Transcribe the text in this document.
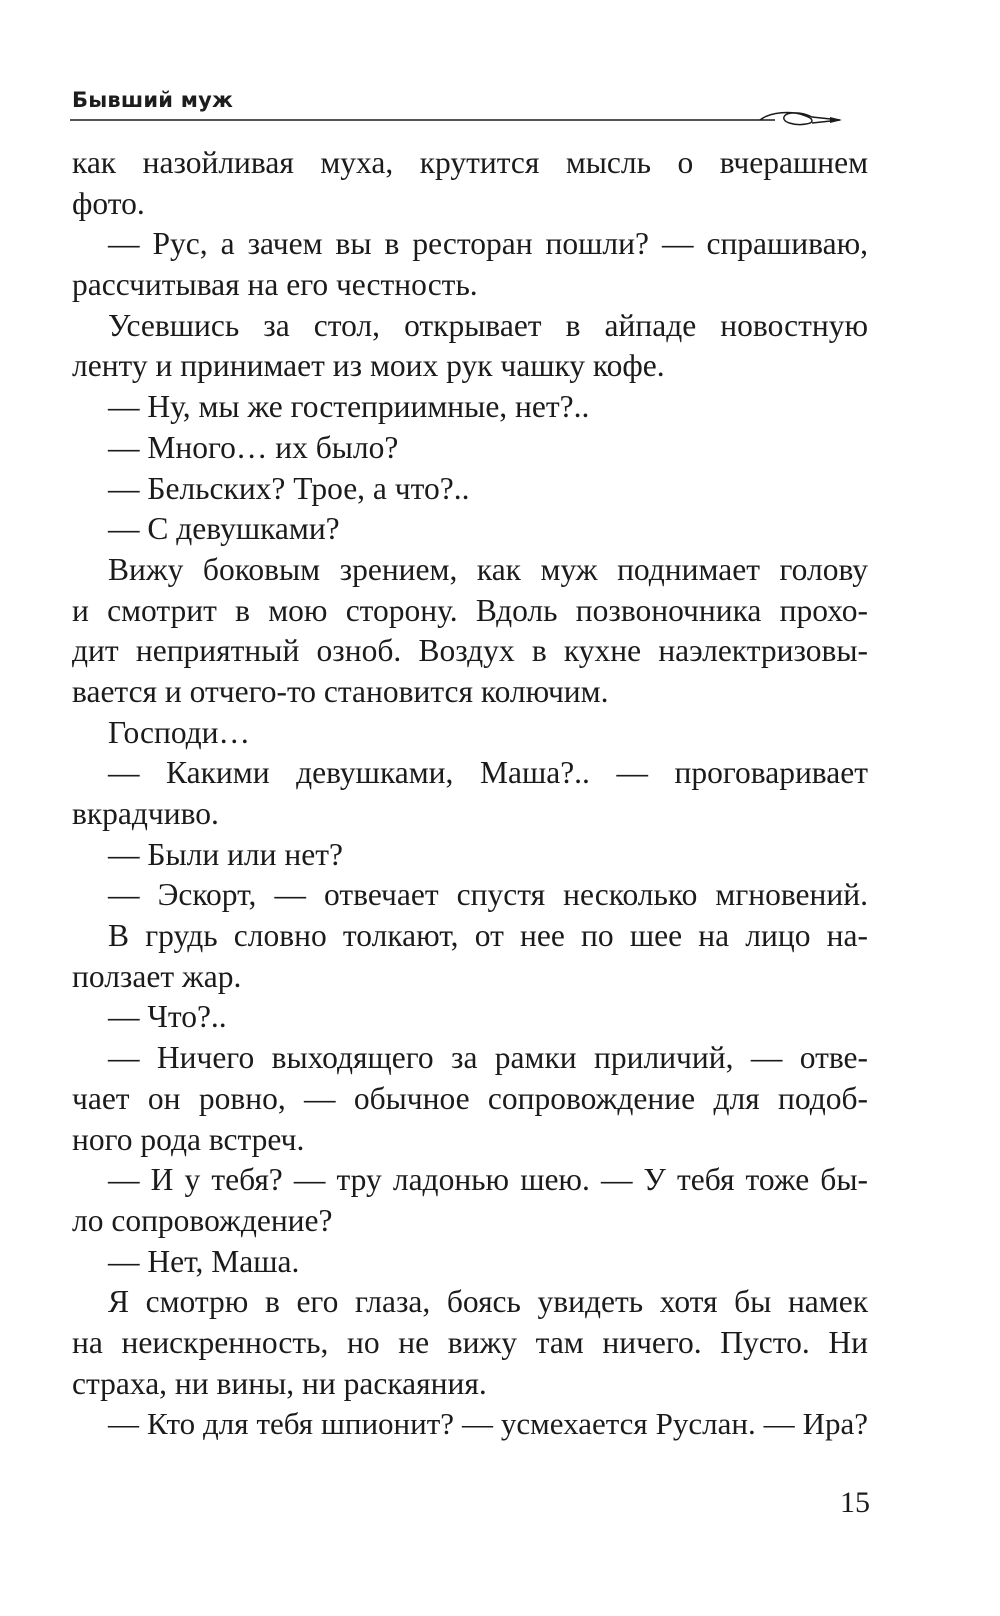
Бывший муж
как назойливая муха, крутится мысль о вчерашнем
фото.
— Рус, а зачем вы в ресторан пошли? — спрашиваю,
рассчитывая на его честность.
Усевшись за стол, открывает в айпаде новостную
ленту и принимает из моих рук чашку кофе.
— Ну, мы же гостеприимные, нет?..
— Много… их было?
— Бельских? Трое, а что?..
— С девушками?
Вижу боковым зрением, как муж поднимает голову
и смотрит в мою сторону. Вдоль позвоночника прохо-
дит неприятный озноб. Воздух в кухне наэлектризовы-
вается и отчего-то становится колючим.
Господи…
— Какими девушками, Маша?.. — проговаривает
вкрадчиво.
— Были или нет?
— Эскорт, — отвечает спустя несколько мгновений.
В грудь словно толкают, от нее по шее на лицо на-
ползает жар.
— Что?..
— Ничего выходящего за рамки приличий, — отве-
чает он ровно, — обычное сопровождение для подоб-
ного рода встреч.
— И у тебя? — тру ладонью шею. — У тебя тоже бы-
ло сопровождение?
— Нет, Маша.
Я смотрю в его глаза, боясь увидеть хотя бы намек
на неискренность, но не вижу там ничего. Пусто. Ни
страха, ни вины, ни раскаяния.
— Кто для тебя шпионит? — усмехается Руслан. — Ира?
15
